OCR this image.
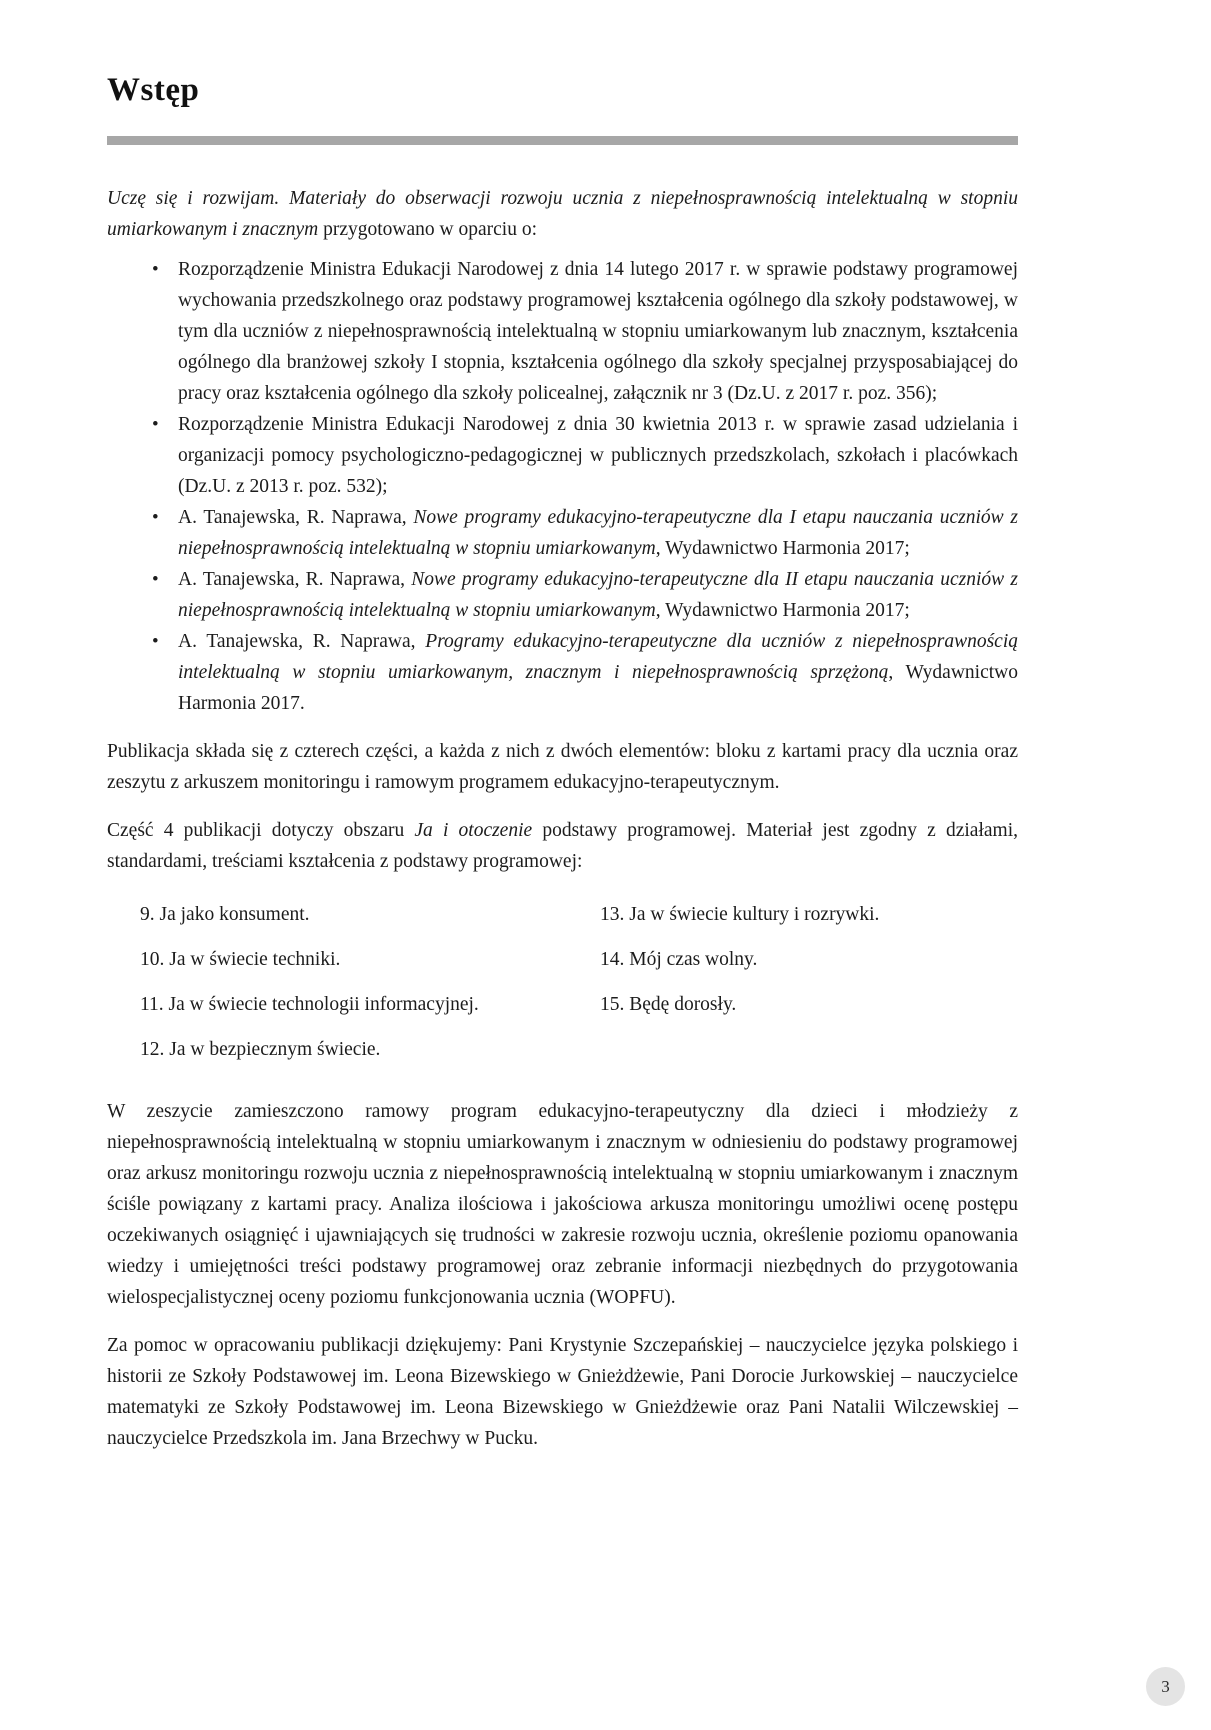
Wstęp

Uczę się i rozwijam. Materiały do obserwacji rozwoju ucznia z niepełnosprawnością intelektualną w stopniu umiarkowanym i znacznym przygotowano w oparciu o:

• Rozporządzenie Ministra Edukacji Narodowej z dnia 14 lutego 2017 r. w sprawie podstawy programowej wychowania przedszkolnego oraz podstawy programowej kształcenia ogólnego dla szkoły podstawowej, w tym dla uczniów z niepełnosprawnością intelektualną w stopniu umiarkowanym lub znacznym, kształcenia ogólnego dla branżowej szkoły I stopnia, kształcenia ogólnego dla szkoły specjalnej przysposabiającej do pracy oraz kształcenia ogólnego dla szkoły policealnej, załącznik nr 3 (Dz.U. z 2017 r. poz. 356);
• Rozporządzenie Ministra Edukacji Narodowej z dnia 30 kwietnia 2013 r. w sprawie zasad udzielania i organizacji pomocy psychologiczno-pedagogicznej w publicznych przedszkolach, szkołach i placówkach (Dz.U. z 2013 r. poz. 532);
• A. Tanajewska, R. Naprawa, Nowe programy edukacyjno-terapeutyczne dla I etapu nauczania uczniów z niepełnosprawnością intelektualną w stopniu umiarkowanym, Wydawnictwo Harmonia 2017;
• A. Tanajewska, R. Naprawa, Nowe programy edukacyjno-terapeutyczne dla II etapu nauczania uczniów z niepełnosprawnością intelektualną w stopniu umiarkowanym, Wydawnictwo Harmonia 2017;
• A. Tanajewska, R. Naprawa, Programy edukacyjno-terapeutyczne dla uczniów z niepełnosprawnością intelektualną w stopniu umiarkowanym, znacznym i niepełnosprawnością sprzężoną, Wydawnictwo Harmonia 2017.

Publikacja składa się z czterech części, a każda z nich z dwóch elementów: bloku z kartami pracy dla ucznia oraz zeszytu z arkuszem monitoringu i ramowym programem edukacyjno-terapeutycznym.

Część 4 publikacji dotyczy obszaru Ja i otoczenie podstawy programowej. Materiał jest zgodny z działami, standardami, treściami kształcenia z podstawy programowej:

9. Ja jako konsument.
10. Ja w świecie techniki.
11. Ja w świecie technologii informacyjnej.
12. Ja w bezpiecznym świecie.
13. Ja w świecie kultury i rozrywki.
14. Mój czas wolny.
15. Będę dorosły.

W zeszycie zamieszczono ramowy program edukacyjno-terapeutyczny dla dzieci i młodzieży z niepełnosprawnością intelektualną w stopniu umiarkowanym i znacznym w odniesieniu do podstawy programowej oraz arkusz monitoringu rozwoju ucznia z niepełnosprawnością intelektualną w stopniu umiarkowanym i znacznym ściśle powiązany z kartami pracy. Analiza ilościowa i jakościowa arkusza monitoringu umożliwi ocenę postępu oczekiwanych osiągnięć i ujawniających się trudności w zakresie rozwoju ucznia, określenie poziomu opanowania wiedzy i umiejętności treści podstawy programowej oraz zebranie informacji niezbędnych do przygotowania wielospecjalistycznej oceny poziomu funkcjonowania ucznia (WOPFU).

Za pomoc w opracowaniu publikacji dziękujemy: Pani Krystynie Szczepańskiej – nauczycielce języka polskiego i historii ze Szkoły Podstawowej im. Leona Bizewskiego w Gnieżdżewie, Pani Dorocie Jurkowskiej – nauczycielce matematyki ze Szkoły Podstawowej im. Leona Bizewskiego w Gnieżdżewie oraz Pani Natalii Wilczewskiej – nauczycielce Przedszkola im. Jana Brzechwy w Pucku.

3
